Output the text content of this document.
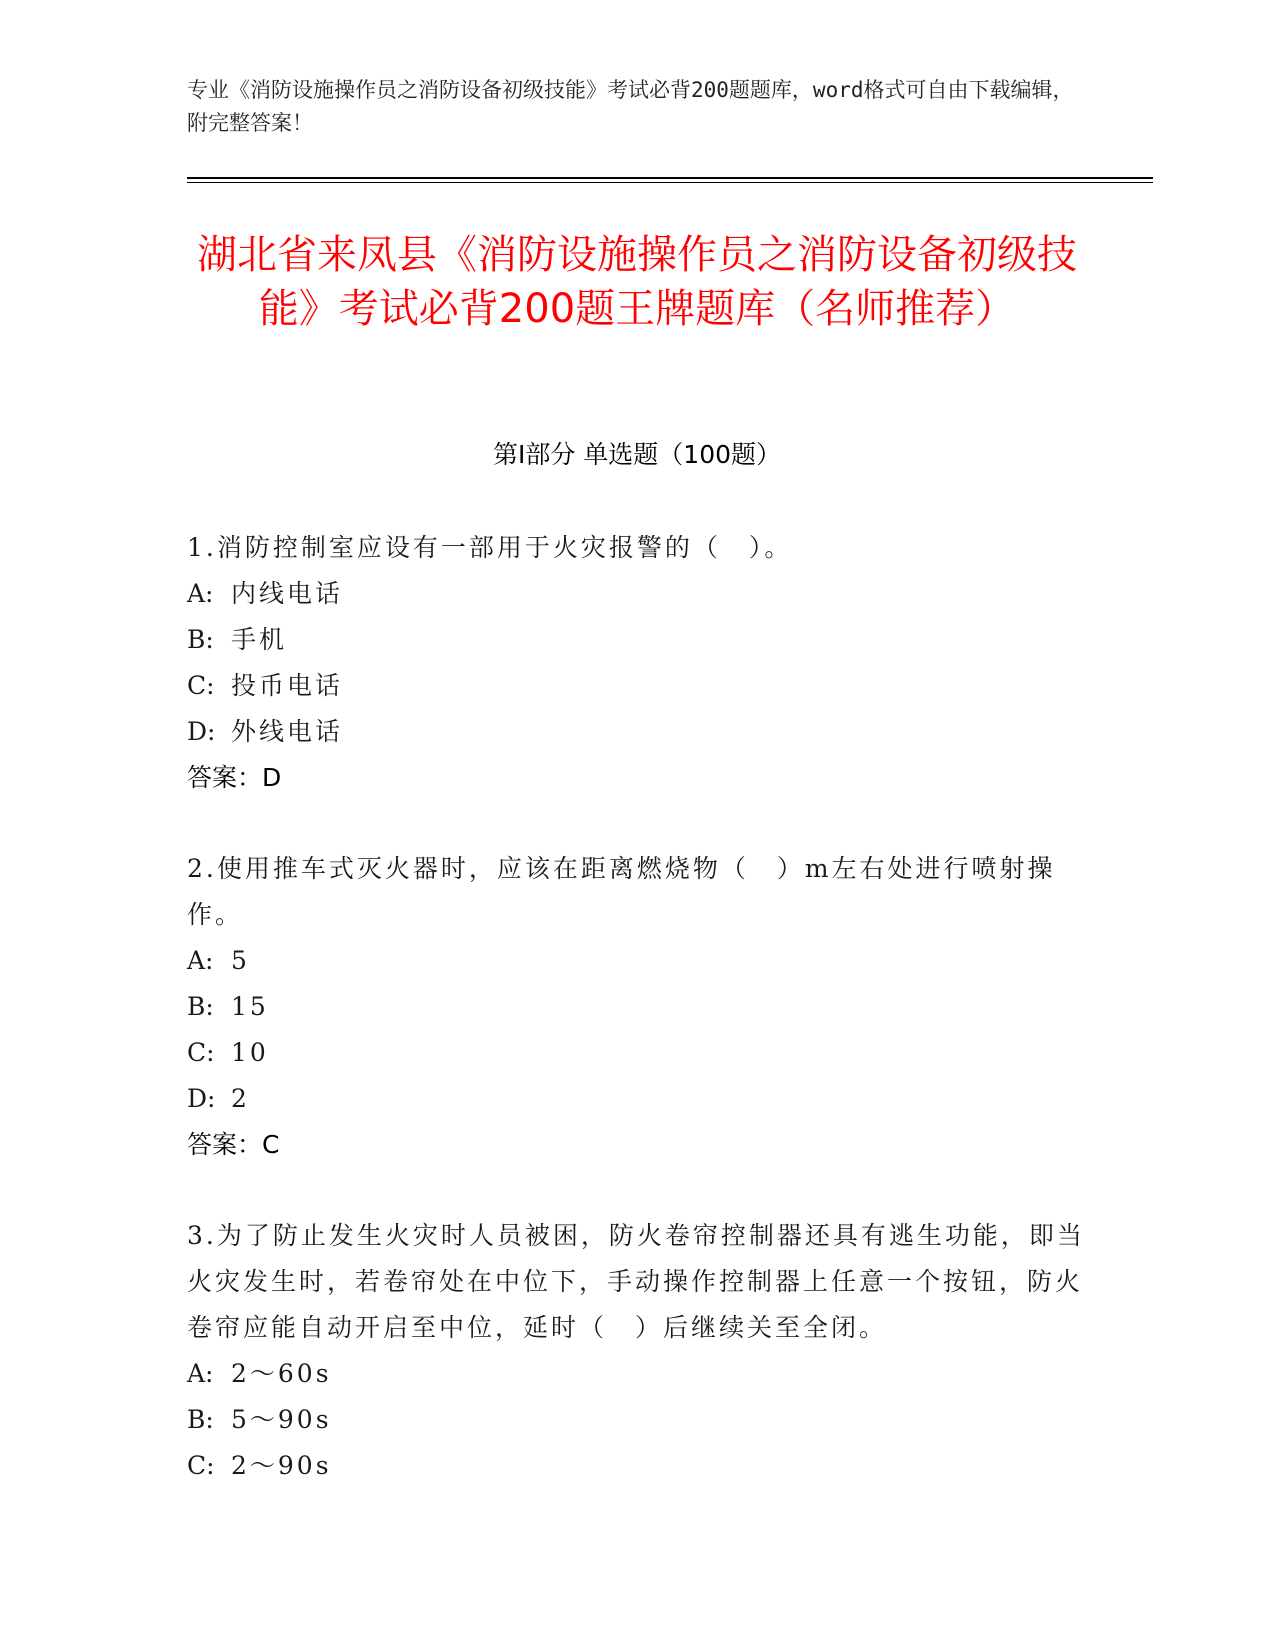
专业《消防设施操作员之消防设备初级技能》考试必背200题题库，word格式可自由下载编辑，附完整答案！
湖北省来凤县《消防设施操作员之消防设备初级技能》考试必背200题王牌题库（名师推荐）
第Ⅰ部分 单选题（100题）
1.消防控制室应设有一部用于火灾报警的（　）。
A: 内线电话
B: 手机
C: 投币电话
D: 外线电话
答案：D
2.使用推车式灭火器时，应该在距离燃烧物（　）m左右处进行喷射操作。
A: 5
B: 15
C: 10
D: 2
答案：C
3.为了防止发生火灾时人员被困，防火卷帘控制器还具有逃生功能，即当火灾发生时，若卷帘处在中位下，手动操作控制器上任意一个按钮，防火卷帘应能自动开启至中位，延时（　）后继续关至全闭。
A: 2～60s
B: 5～90s
C: 2～90s
